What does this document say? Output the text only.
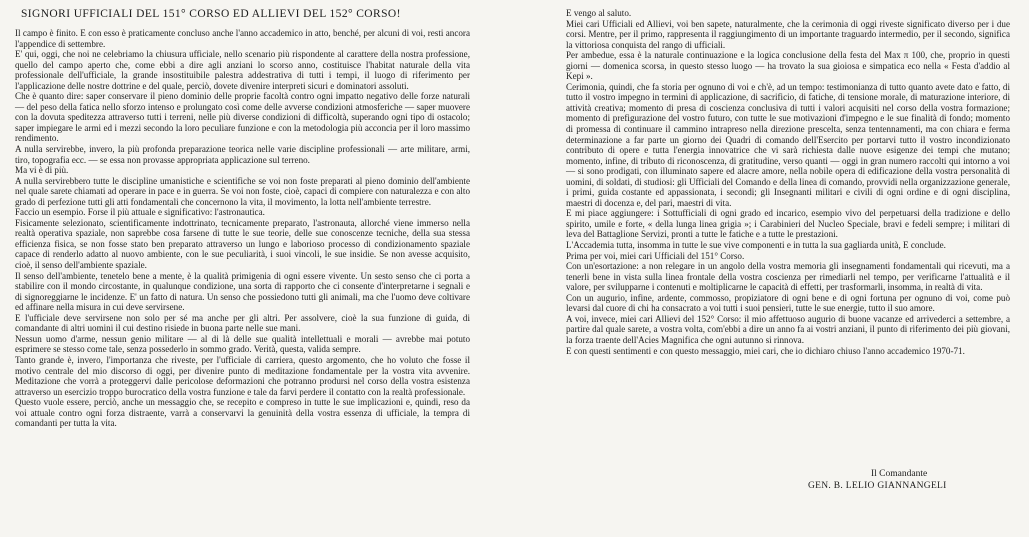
SIGNORI UFFICIALI DEL 151° CORSO ED ALLIEVI DEL 152° CORSO!

Il campo è finito. E con esso è praticamente concluso anche l'anno accademico in atto, benché, per alcuni di voi, resti ancora l'appendice di settembre.

E' qui, oggi, che noi ne celebriamo la chiusura ufficiale, nello scenario più rispondente al carattere della nostra professione, quello del campo aperto che, come ebbi a dire agli anziani lo scorso anno, costituisce l'habitat naturale della vita professionale dell'ufficiale, la grande insostituibile palestra addestrativa di tutti i tempi, il luogo di riferimento per l'applicazione delle nostre dottrine e del quale, perciò, dovete divenire interpreti sicuri e dominatori assoluti.

Che è quanto dire: saper conservare il pieno dominio delle proprie facoltà contro ogni impatto negativo delle forze naturali — del peso della fatica nello sforzo intenso e prolungato così come delle avverse condizioni atmosferiche — saper muovere con la dovuta speditezza attraverso tutti i terreni, nelle più diverse condizioni di difficoltà, superando ogni tipo di ostacolo; saper impiegare le armi ed i mezzi secondo la loro peculiare funzione e con la metodologia più acconcia per il loro massimo rendimento.

A nulla servirebbe, invero, la più profonda preparazione teorica nelle varie discipline professionali — arte militare, armi, tiro, topografia ecc. — se essa non provasse appropriata applicazione sul terreno.

Ma vi è di più.

A nulla servirebbero tutte le discipline umanistiche e scientifiche se voi non foste preparati al pieno dominio dell'ambiente nel quale sarete chiamati ad operare in pace e in guerra. Se voi non foste, cioè, capaci di compiere con naturalezza e con alto grado di perfezione tutti gli atti fondamentali che concernono la vita, il movimento, la lotta nell'ambiente terrestre.

Faccio un esempio. Forse il più attuale e significativo: l'astronautica.

Fisicamente selezionato, scientificamente indottrinato, tecnicamente preparato, l'astronauta, allorché viene immerso nella realtà operativa spaziale, non saprebbe cosa farsene di tutte le sue teorie, delle sue conoscenze tecniche, della sua stessa efficienza fisica, se non fosse stato ben preparato attraverso un lungo e laborioso processo di condizionamento spaziale capace di renderlo adatto al nuovo ambiente, con le sue peculiarità, i suoi vincoli, le sue insidie. Se non avesse acquisito, cioè, il senso dell'ambiente spaziale.

Il senso dell'ambiente, tenetelo bene a mente, è la qualità primigenia di ogni essere vivente. Un sesto senso che ci porta a stabilire con il mondo circostante, in qualunque condizione, una sorta di rapporto che ci consente d'interpretarne i segnali e di signoreggiarne le incidenze. E' un fatto di natura. Un senso che possiedono tutti gli animali, ma che l'uomo deve coltivare ed affinare nella misura in cui deve servirsene.

E l'ufficiale deve servirsene non solo per sé ma anche per gli altri. Per assolvere, cioè la sua funzione di guida, di comandante di altri uomini il cui destino risiede in buona parte nelle sue mani.

Nessun uomo d'arme, nessun genio militare — al di là delle sue qualità intellettuali e morali — avrebbe mai potuto esprimere se stesso come tale, senza possederlo in sommo grado. Verità, questa, valida sempre.

Tanto grande è, invero, l'importanza che riveste, per l'ufficiale di carriera, questo argomento, che ho voluto che fosse il motivo centrale del mio discorso di oggi, per divenire punto di meditazione fondamentale per la vostra vita avvenire. Meditazione che vorrà a proteggervi dalle pericolose deformazioni che potranno prodursi nel corso della vostra esistenza attraverso un esercizio troppo burocratico della vostra funzione e tale da farvi perdere il contatto con la realtà professionale.

Questo vuole essere, perciò, anche un messaggio che, se recepito e compreso in tutte le sue implicazioni e, quindi, reso da voi attuale contro ogni forza distraente, varrà a conservarvi la genuinità della vostra essenza di ufficiale, la tempra di comandanti per tutta la vita.

E vengo al saluto.

Miei cari Ufficiali ed Allievi, voi ben sapete, naturalmente, che la cerimonia di oggi riveste significato diverso per i due corsi. Mentre, per il primo, rappresenta il raggiungimento di un importante traguardo intermedio, per il secondo, significa la vittoriosa conquista del rango di ufficiali.

Per ambedue, essa è la naturale continuazione e la logica conclusione della festa del Max π 100, che, proprio in questi giorni — domenica scorsa, in questo stesso luogo — ha trovato la sua gioiosa e simpatica eco nella « Festa d'addio al Kepi ».

Cerimonia, quindi, che fa storia per ognuno di voi e ch'è, ad un tempo: testimonianza di tutto quanto avete dato e fatto, di tutto il vostro impegno in termini di applicazione, di sacrificio, di fatiche, di tensione morale, di maturazione interiore, di attività creativa; momento di presa di coscienza conclusiva di tutti i valori acquisiti nel corso della vostra formazione; momento di prefigurazione del vostro futuro, con tutte le sue motivazioni d'impegno e le sue finalità di fondo; momento di promessa di continuare il cammino intrapreso nella direzione prescelta, senza tentennamenti, ma con chiara e ferma determinazione a far parte un giorno dei Quadri di comando dell'Esercito per portarvi tutto il vostro incondizionato contributo di opere e tutta l'energia innovatrice che vi sarà richiesta dalle nuove esigenze dei tempi che mutano; momento, infine, di tributo di riconoscenza, di gratitudine, verso quanti — oggi in gran numero raccolti qui intorno a voi — si sono prodigati, con illuminato sapere ed alacre amore, nella nobile opera di edificazione della vostra personalità di uomini, di soldati, di studiosi: gli Ufficiali del Comando e della linea di comando, provvidi nella organizzazione generale, i primi, guida costante ed appassionata, i secondi; gli Insegnanti militari e civili di ogni ordine e di ogni disciplina, maestri di docenza e, del pari, maestri di vita.

E mi piace aggiungere: i Sottufficiali di ogni grado ed incarico, esempio vivo del perpetuarsi della tradizione e dello spirito, umile e forte, « della lunga linea grigia »; i Carabinieri del Nucleo Speciale, bravi e fedeli sempre; i militari di leva del Battaglione Servizi, pronti a tutte le fatiche e a tutte le prestazioni.

L'Accademia tutta, insomma in tutte le sue vive componenti e in tutta la sua gagliarda unità, E conclude.

Prima per voi, miei cari Ufficiali del 151° Corso.

Con un'esortazione: a non relegare in un angolo della vostra memoria gli insegnamenti fondamentali qui ricevuti, ma a tenerli bene in vista sulla linea frontale della vostra coscienza per rimediarli nel tempo, per verificarne l'attualità e il valore, per svilupparne i contenuti e moltiplicarne le capacità di effetti, per trasformarli, insomma, in realtà di vita.

Con un augurio, infine, ardente, commosso, propiziatore di ogni bene e di ogni fortuna per ognuno di voi, come può levarsi dal cuore di chi ha consacrato a voi tutti i suoi pensieri, tutte le sue energie, tutto il suo amore.

A voi, invece, miei cari Allievi del 152° Corso: il mio affettuoso augurio di buone vacanze ed arrivederci a settembre, a partire dal quale sarete, a vostra volta, com'ebbi a dire un anno fa ai vostri anziani, il punto di riferimento dei più giovani, la forza traente dell'Acies Magnifica che ogni autunno si rinnova.

E con questi sentimenti e con questo messaggio, miei cari, che io dichiaro chiuso l'anno accademico 1970-71.

Il Comandante
GEN. B. LELIO GIANNANGELI
